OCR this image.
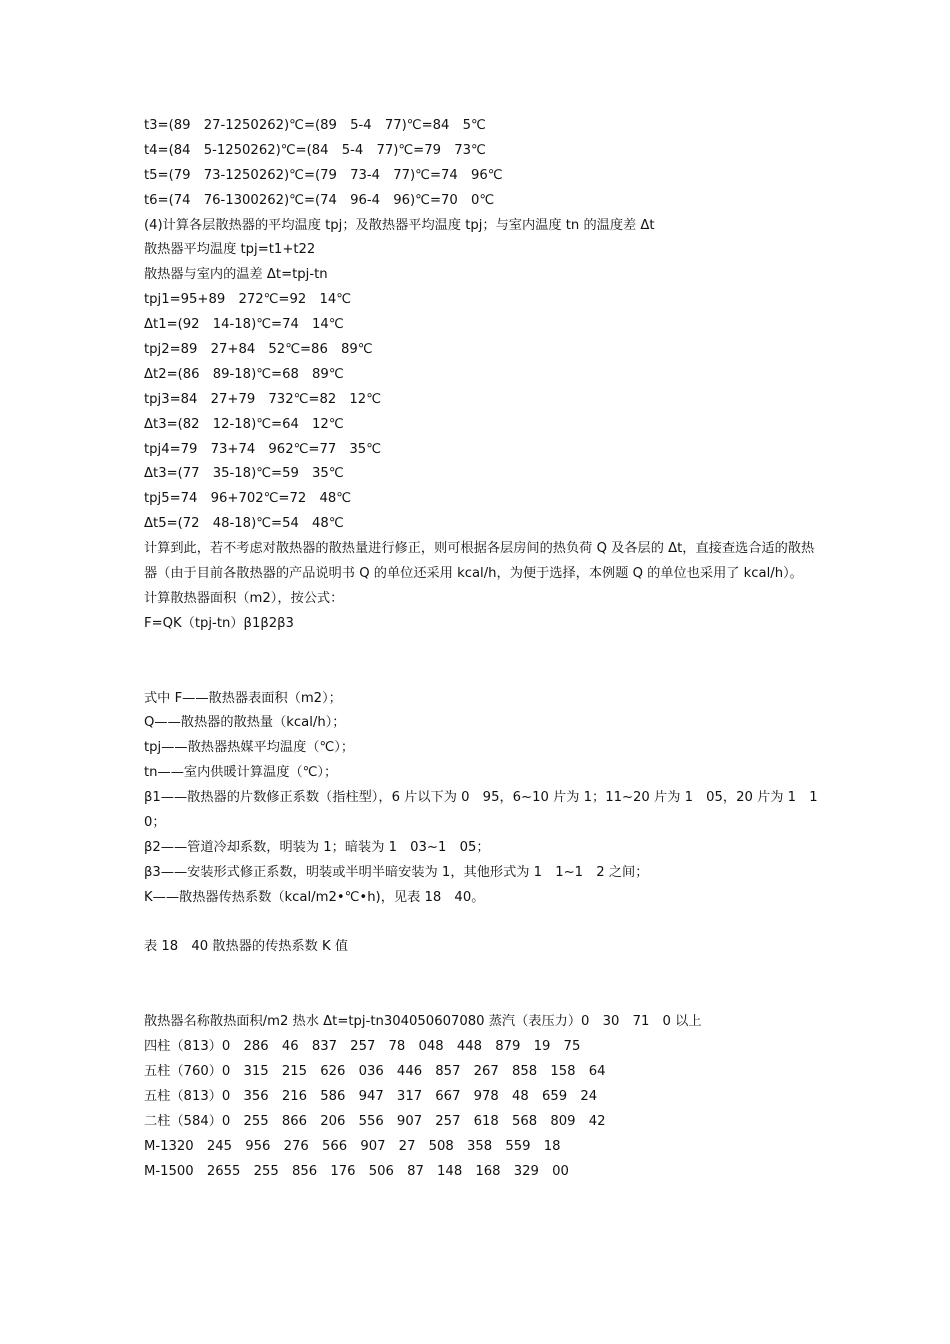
t3=(89　27-1250262)℃=(89　5-4　77)℃=84　5℃
t4=(84　5-1250262)℃=(84　5-4　77)℃=79　73℃
t5=(79　73-1250262)℃=(79　73-4　77)℃=74　96℃
t6=(74　76-1300262)℃=(74　96-4　96)℃=70　0℃
(4)计算各层散热器的平均温度 tpj；及散热器平均温度 tpj；与室内温度 tn 的温度差 Δt
散热器平均温度 tpj=t1+t22
散热器与室内的温差 Δt=tpj-tn
tpj1=95+89　272℃=92　14℃
Δt1=(92　14-18)℃=74　14℃
tpj2=89　27+84　52℃=86　89℃
Δt2=(86　89-18)℃=68　89℃
tpj3=84　27+79　732℃=82　12℃
Δt3=(82　12-18)℃=64　12℃
tpj4=79　73+74　962℃=77　35℃
Δt3=(77　35-18)℃=59　35℃
tpj5=74　96+702℃=72　48℃
Δt5=(72　48-18)℃=54　48℃
计算到此，若不考虑对散热器的散热量进行修正，则可根据各层房间的热负荷 Q 及各层的 Δt，直接查选合适的散热器（由于目前各散热器的产品说明书 Q 的单位还采用 kcal/h，为便于选择，本例题 Q 的单位也采用了 kcal/h）。
计算散热器面积（m2），按公式：
F=QK（tpj-tn）β1β2β3
式中 F——散热器表面积（m2）；
Q——散热器的散热量（kcal/h）；
tpj——散热器热媒平均温度（℃）；
tn——室内供暖计算温度（℃）；
β1——散热器的片数修正系数（指柱型），6 片以下为 0　95，6~10 片为 1；11~20 片为 1　05，20 片为 1　10；
β2——管道冷却系数，明装为 1；暗装为 1　03~1　05；
β3——安装形式修正系数，明装或半明半暗安装为 1，其他形式为 1　1~1　2 之间；
K——散热器传热系数（kcal/m2•℃•h)，见表 18　40。
表 18　40 散热器的传热系数 K 值
散热器名称散热面积/m2 热水 Δt=tpj-tn304050607080 蒸汽（表压力）0　30　71　0 以上
四柱（813）0　286　46　837　257　78　048　448　879　19　75
五柱（760）0　315　215　626　036　446　857　267　858　158　64
五柱（813）0　356　216　586　947　317　667　978　48　659　24
二柱（584）0　255　866　206　556　907　257　618　568　809　42
M-1320　245　956　276　566　907　27　508　358　559　18
M-1500　2655　255　856　176　506　87　148　168　329　00
